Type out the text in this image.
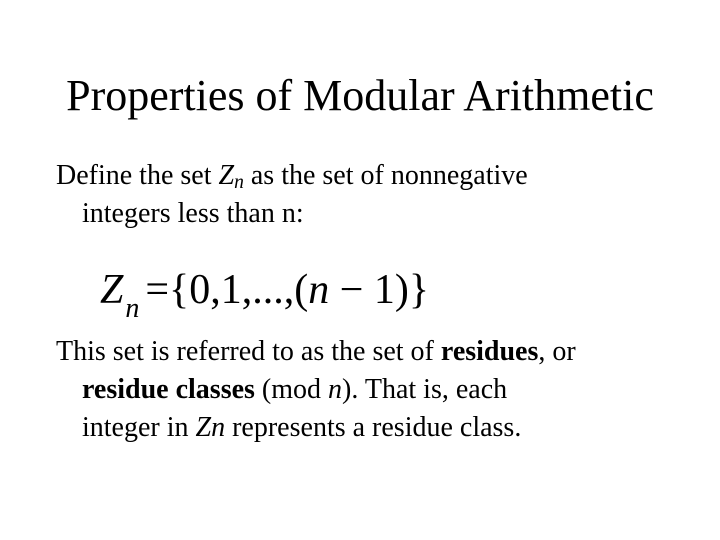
Properties of Modular Arithmetic

Define the set $Z_n$ as the set of nonnegative
integers less than n:

$Z_n =\{0,1,...,(n - 1)\}$

This set is referred to as the set of residues, or
residue classes (mod n). That is, each
integer in Zn represents a residue class.
